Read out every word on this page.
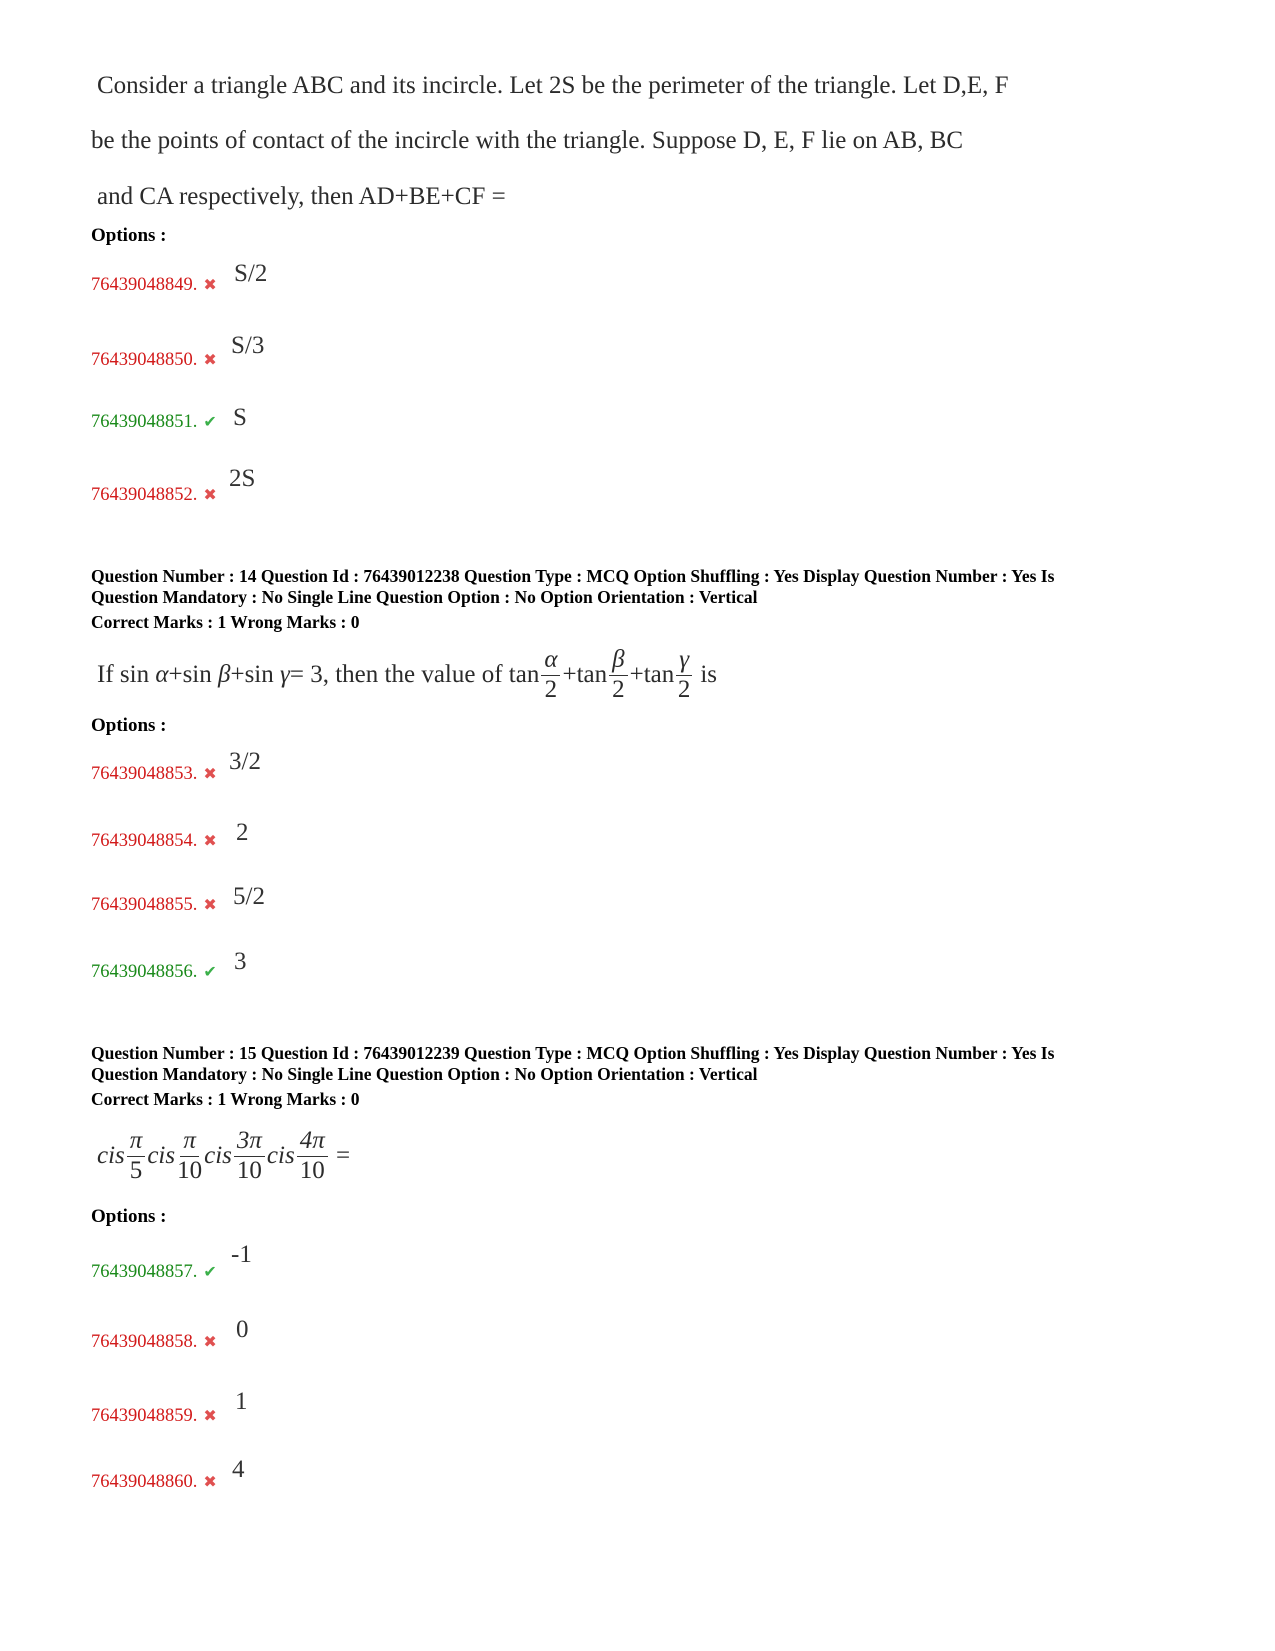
Consider a triangle ABC and its incircle. Let 2S be the perimeter of the triangle. Let D,E, F
be the points of contact of the incircle with the triangle. Suppose D, E, F lie on AB, BC
and CA respectively, then AD+BE+CF =
Options :
76439048849. ✖ S/2
76439048850. ✖
S/3
76439048851. ✔ S
76439048852. ✖
2S
Question Number : 14 Question Id : 76439012238 Question Type : MCQ Option Shuffling : Yes Display Question Number : Yes Is
Question Mandatory : No Single Line Question Option : No Option Orientation : Vertical
Correct Marks : 1 Wrong Marks : 0
If
sin
α + sin
β + sin
γ = 3 , then the value of
$\tan \frac{\alpha}{2} + \tan \frac{\beta}{2} + \tan \frac{\gamma}{2}$
is
Options :
76439048853. ✖ 3/2
76439048854. ✖ 2
76439048855. ✖ 5/2
76439048856. ✔ 3
Question Number : 15 Question Id : 76439012239 Question Type : MCQ Option Shuffling : Yes Display Question Number : Yes Is
Question Mandatory : No Single Line Question Option : No Option Orientation : Vertical
Correct Marks : 1 Wrong Marks : 0
cis $\frac{\pi}{5}$ cis $\frac{\pi}{10}$ cis $\frac{3\pi}{10}$ cis $\frac{4\pi}{10}$
=
Options :
76439048857. ✔
-1
76439048858. ✖ 0
76439048859. ✖
1
76439048860. ✖ 4
